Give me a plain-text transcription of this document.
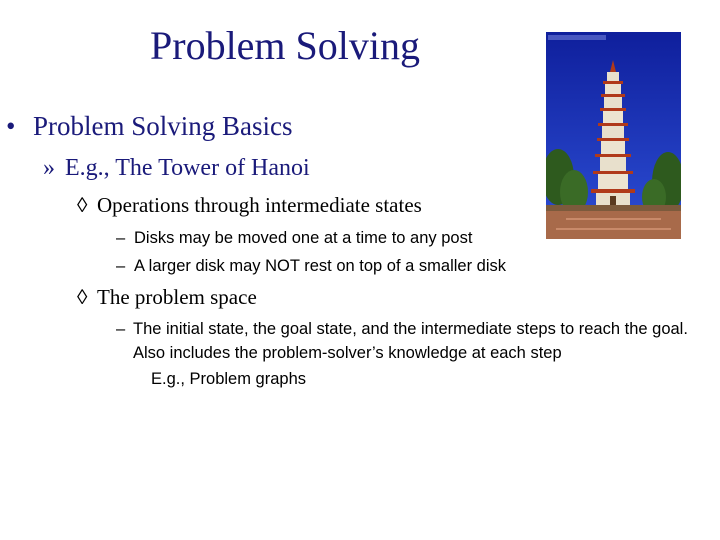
Problem Solving
• Problem Solving Basics
» E.g., The Tower of Hanoi
◊ Operations through intermediate states
– Disks may be moved one at a time to any post
– A larger disk may NOT rest on top of a smaller disk
◊ The problem space
– The initial state, the goal state, and the intermediate steps to reach the goal. Also includes the problem-solver’s knowledge at each step
E.g., Problem graphs
